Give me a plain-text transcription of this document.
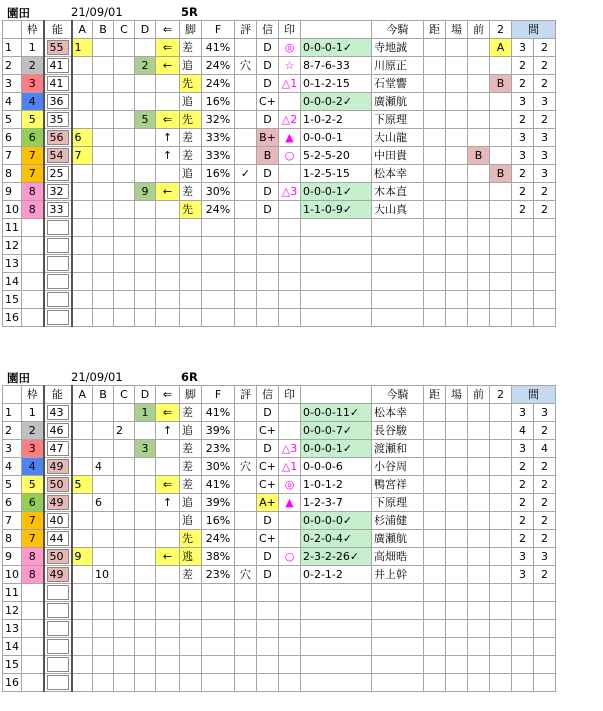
園田	21/09/01	5R
	枠	能	A	B	C	D	⇐	脚	F	評	信	印		今騎	距	場	前	2	間	
1	1	55	1				⇐	差	41%		D	◎	0-0-0-1✓	寺地誠				A	3	2
2	2	41				2	←	追	24%	穴	D	☆	8-7-6-33	川原正					2	2
3	3	41						先	24%		D	△1	0-1-2-15	石堂響				B	2	2
4	4	36						追	16%		C+		0-0-0-2✓	廣瀬航					3	3
5	5	35				5	⇐	先	32%		D	△2	1-0-2-2	下原理					2	2
6	6	56	6				↑	差	33%		B+	▲	0-0-0-1	大山龍					3	3
7	7	54	7				↑	差	33%		B	○	5-2-5-20	中田貴			B		3	3
8	7	25						追	16%	✓	D		1-2-5-15	松本幸				B	2	3
9	8	32				9	←	差	30%		D	△3	0-0-0-1✓	木本直					2	2
10	8	33						先	24%		D		1-1-0-9✓	大山真					2	2
11		

12		

13		

14		

15		

16		

園田	21/09/01	6R
	枠	能	A	B	C	D	⇐	脚	F	評	信	印		今騎	距	場	前	2	間	
1	1	43				1	⇐	差	41%		D		0-0-0-11✓	松本幸					3	3
2	2	46			2		↑	追	39%		C+		0-0-0-7✓	長谷駿					4	2
3	3	47				3		差	23%		D	△3	0-0-0-1✓	渡瀬和					3	4
4	4	49		4				差	30%	穴	C+	△1	0-0-0-6	小谷周					2	2
5	5	50	5				⇐	差	41%		C+	◎	1-0-1-2	鴨宮祥					2	2
6	6	49		6			↑	追	39%		A+	▲	1-2-3-7	下原理					2	2
7	7	40						追	16%		D		0-0-0-0✓	杉浦健					2	2
8	7	44						先	24%		C+		0-2-0-4✓	廣瀬航					2	2
9	8	50	9				←	逃	38%		D	○	2-3-2-26✓	高畑晧					3	3
10	8	49		10				差	23%	穴	D		0-2-1-2	井上幹					3	2
11		

12		

13		

14		

15		

16		
